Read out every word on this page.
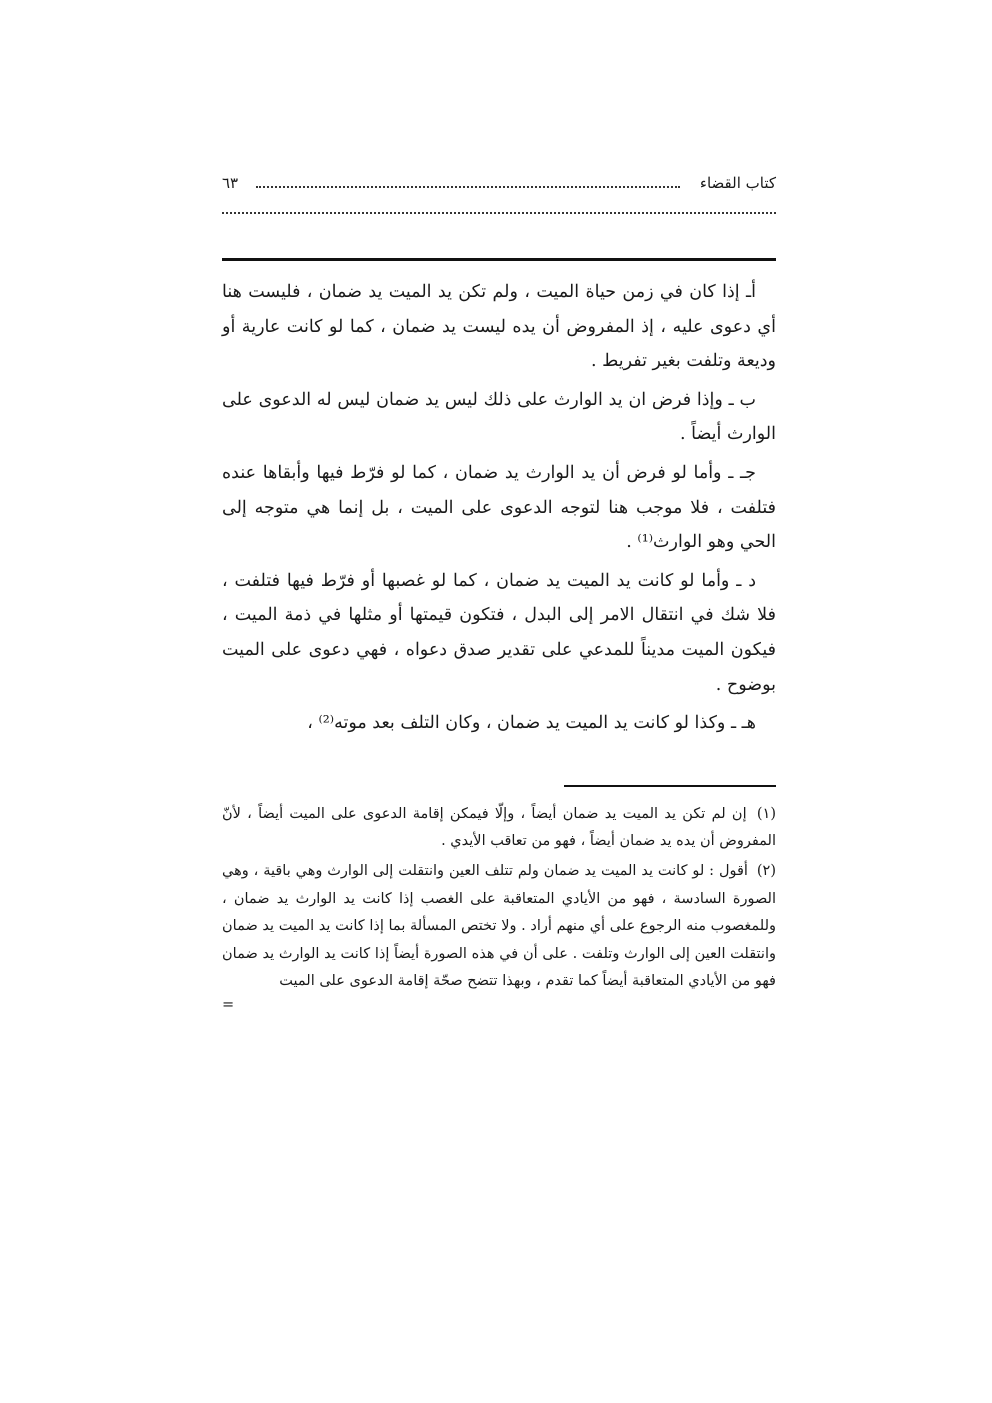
كتاب القضاء
٦٣

أـ إذا كان في زمن حياة الميت ، ولم تكن يد الميت يد ضمان ، فليست هنا أي دعوى عليه ، إذ المفروض أن يده ليست يد ضمان ، كما لو كانت عارية أو وديعة وتلفت بغير تفريط .

ب ـ وإذا فرض ان يد الوارث على ذلك ليس يد ضمان ليس له الدعوى على الوارث أيضاً .

جـ ـ وأما لو فرض أن يد الوارث يد ضمان ، كما لو فرّط فيها وأبقاها عنده فتلفت ، فلا موجب هنا لتوجه الدعوى على الميت ، بل إنما هي متوجه إلى الحي وهو الوارث⁽¹⁾ .

د ـ وأما لو كانت يد الميت يد ضمان ، كما لو غصبها أو فرّط فيها فتلفت ، فلا شك في انتقال الامر إلى البدل ، فتكون قيمتها أو مثلها في ذمة الميت ، فيكون الميت مديناً للمدعي على تقدير صدق دعواه ، فهي دعوى على الميت بوضوح .

هـ ـ وكذا لو كانت يد الميت يد ضمان ، وكان التلف بعد موته⁽²⁾ ،

(١) إن لم تكن يد الميت يد ضمان أيضاً ، وإلّا فيمكن إقامة الدعوى على الميت أيضاً ، لأنّ المفروض أن يده يد ضمان أيضاً ، فهو من تعاقب الأيدي .

(٢) أقول : لو كانت يد الميت يد ضمان ولم تتلف العين وانتقلت إلى الوارث وهي باقية ، وهي الصورة السادسة ، فهو من الأيادي المتعاقبة على الغصب إذا كانت يد الوارث يد ضمان ، وللمغصوب منه الرجوع على أي منهم أراد . ولا تختص المسألة بما إذا كانت يد الميت يد ضمان وانتقلت العين إلى الوارث وتلفت . على أن في هذه الصورة أيضاً إذا كانت يد الوارث يد ضمان فهو من الأيادي المتعاقبة أيضاً كما تقدم ، وبهذا تتضح صحّة إقامة الدعوى على الميت

=
